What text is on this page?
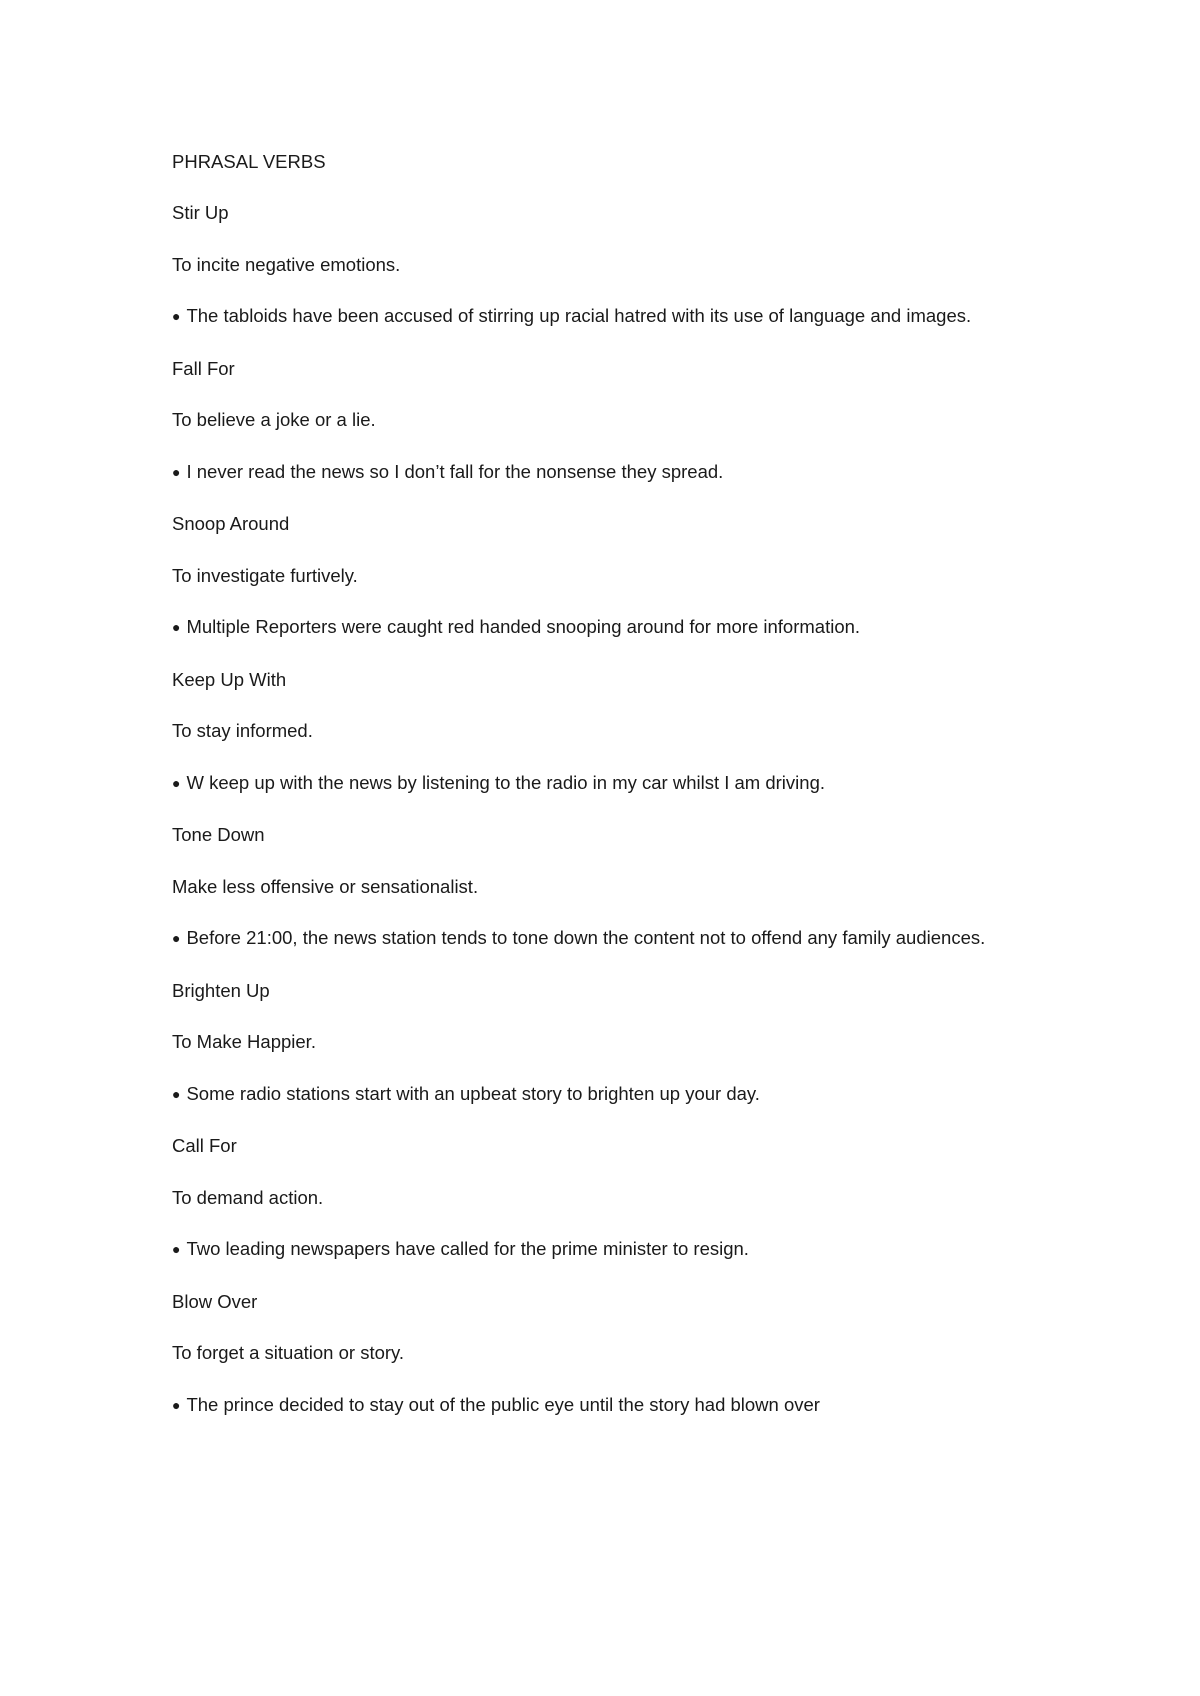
PHRASAL VERBS
Stir Up
To incite negative emotions.
● The tabloids have been accused of stirring up racial hatred with its use of language and images.
Fall For
To believe a joke or a lie.
● I never read the news so I don’t fall for the nonsense they spread.
Snoop Around
To investigate furtively.
● Multiple Reporters were caught red handed snooping around for more information.
Keep Up With
To stay informed.
● W keep up with the news by listening to the radio in my car whilst I am driving.
Tone Down
Make less offensive or sensationalist.
● Before 21:00, the news station tends to tone down the content not to offend any family audiences.
Brighten Up
To Make Happier.
● Some radio stations start with an upbeat story to brighten up your day.
Call For
To demand action.
● Two leading newspapers have called for the prime minister to resign.
Blow Over
To forget a situation or story.
● The prince decided to stay out of the public eye until the story had blown over
